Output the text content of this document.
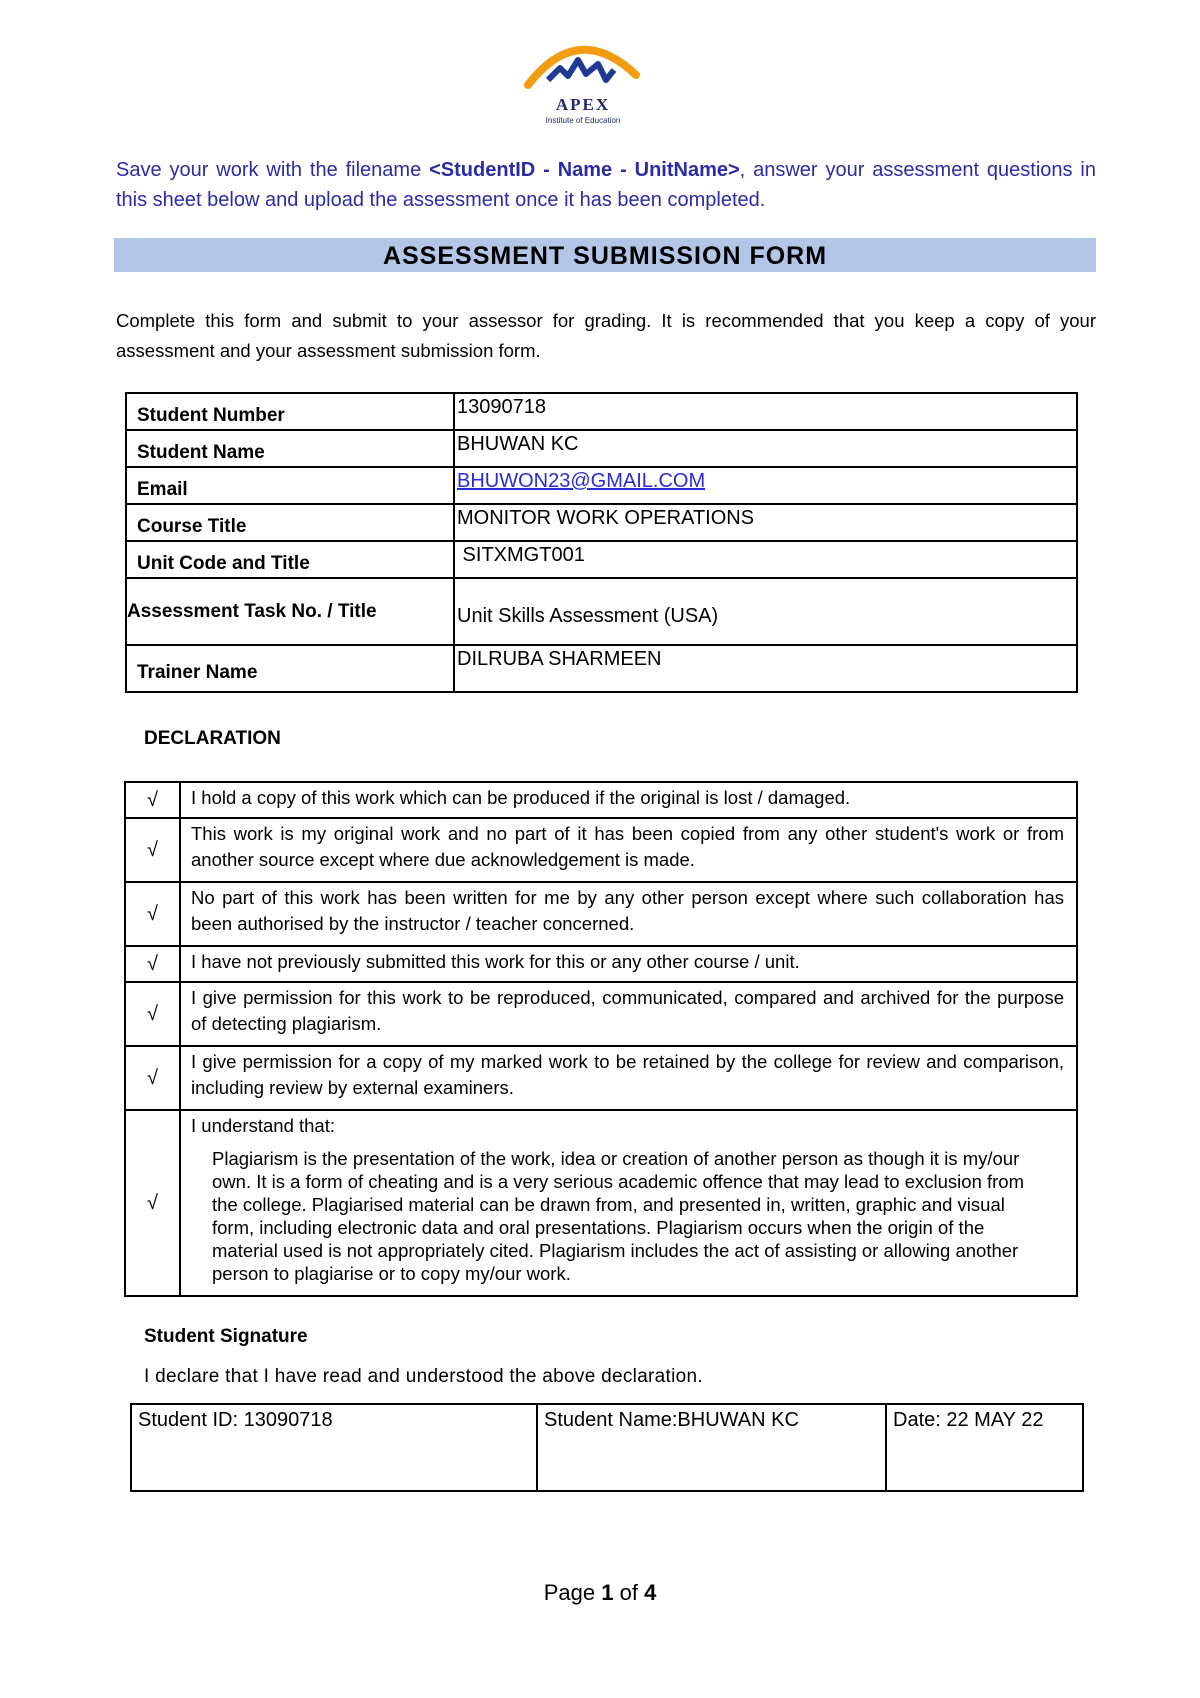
APEX
Institute of Education
Save your work with the filename <StudentID - Name - UnitName>, answer your assessment questions in this sheet below and upload the assessment once it has been completed.
ASSESSMENT SUBMISSION FORM
Complete this form and submit to your assessor for grading. It is recommended that you keep a copy of your assessment and your assessment submission form.
Student Number	13090718
Student Name	BHUWAN KC
Email	BHUWON23@GMAIL.COM
Course Title	MONITOR WORK OPERATIONS
Unit Code and Title	SITXMGT001
Assessment Task No. / Title	Unit Skills Assessment (USA)
Trainer Name	DILRUBA SHARMEEN
DECLARATION
√	I hold a copy of this work which can be produced if the original is lost / damaged.
√	This work is my original work and no part of it has been copied from any other student's work or from another source except where due acknowledgement is made.
√	No part of this work has been written for me by any other person except where such collaboration has been authorised by the instructor / teacher concerned.
√	I have not previously submitted this work for this or any other course / unit.
√	I give permission for this work to be reproduced, communicated, compared and archived for the purpose of detecting plagiarism.
√	I give permission for a copy of my marked work to be retained by the college for review and comparison, including review by external examiners.
√	I understand that:
Plagiarism is the presentation of the work, idea or creation of another person as though it is my/our own. It is a form of cheating and is a very serious academic offence that may lead to exclusion from the college. Plagiarised material can be drawn from, and presented in, written, graphic and visual form, including electronic data and oral presentations. Plagiarism occurs when the origin of the material used is not appropriately cited. Plagiarism includes the act of assisting or allowing another person to plagiarise or to copy my/our work.
Student Signature
I declare that I have read and understood the above declaration.
Student ID: 13090718	Student Name:BHUWAN KC	Date: 22 MAY 22
Page 1 of 4
